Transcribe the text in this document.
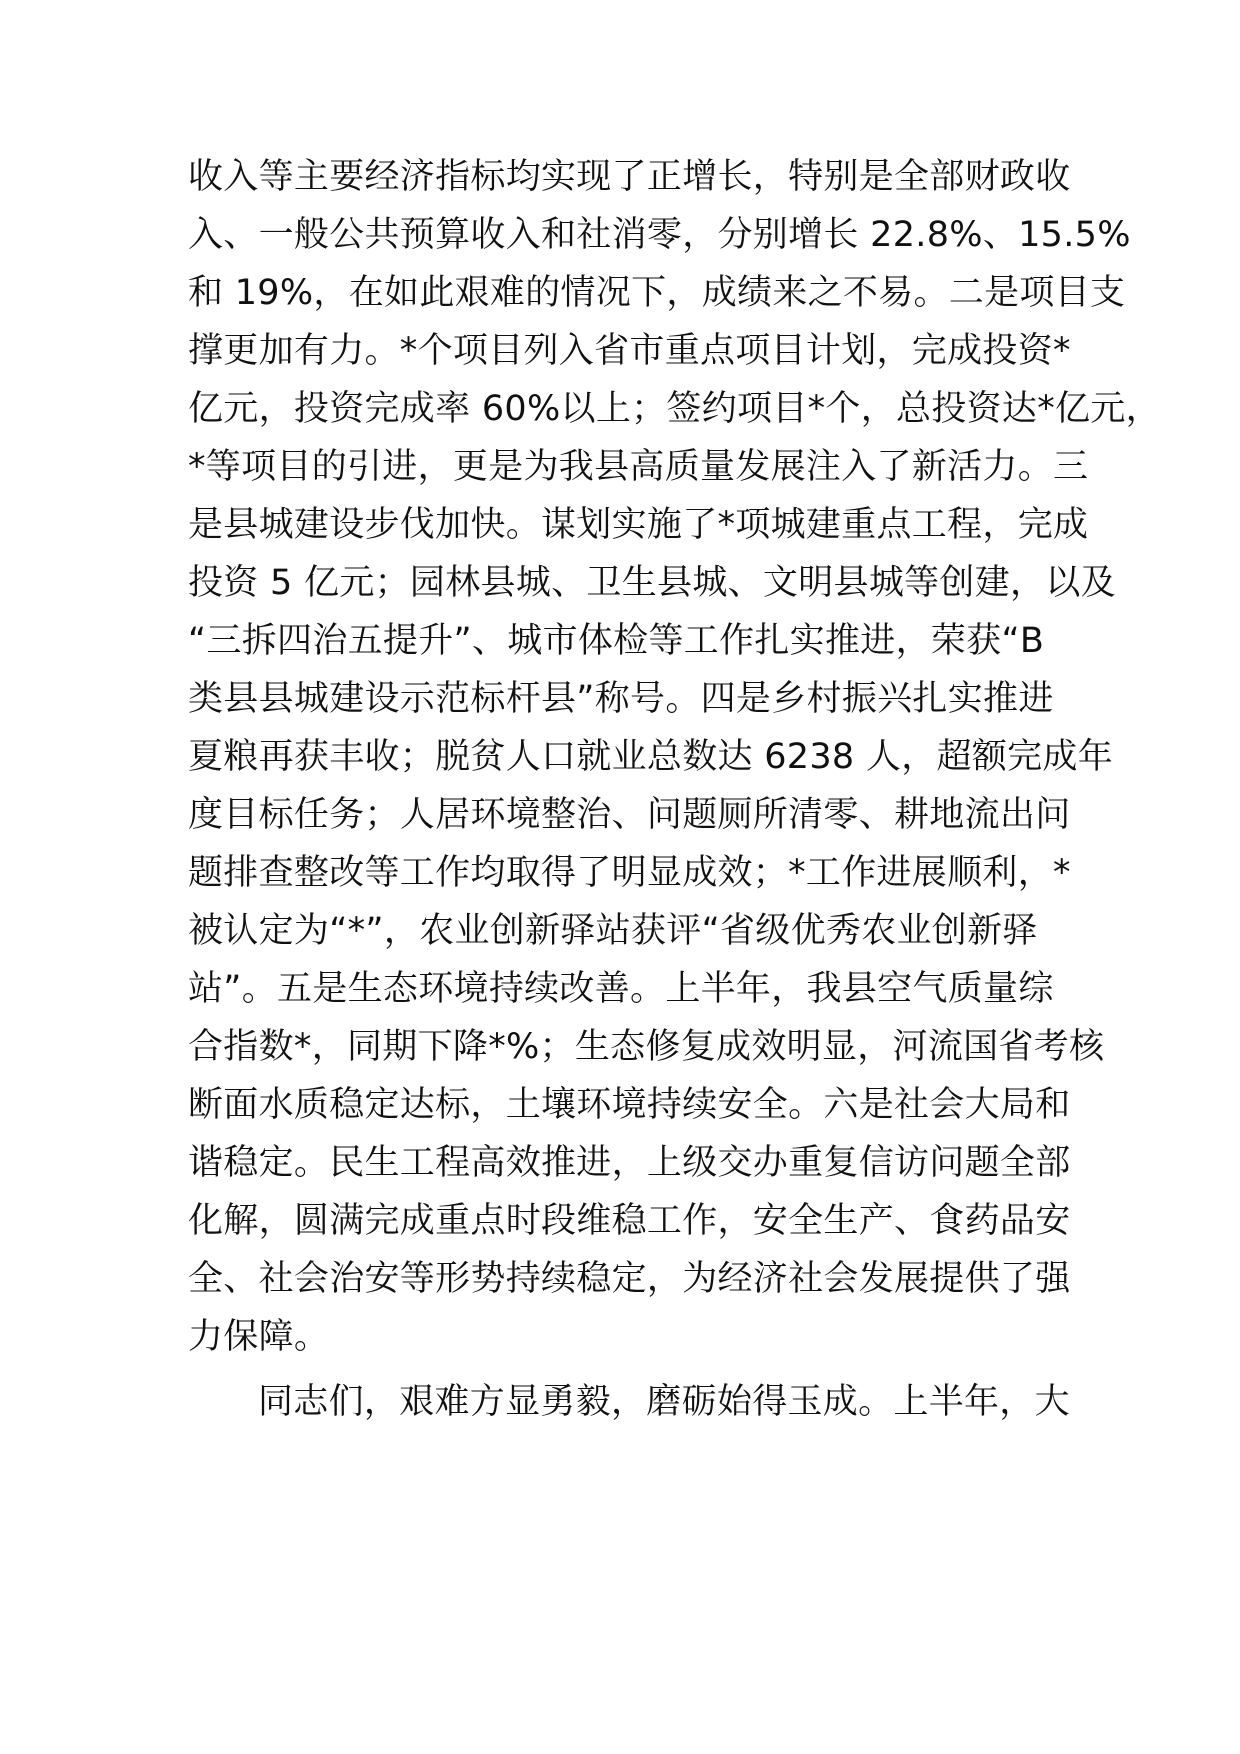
收入等主要经济指标均实现了正增长，特别是全部财政收
入、一般公共预算收入和社消零，分别增长 22.8%、15.5%
和 19%，在如此艰难的情况下，成绩来之不易。二是项目支
撑更加有力。*个项目列入省市重点项目计划，完成投资*
亿元，投资完成率 60%以上；签约项目*个，总投资达*亿元，
*等项目的引进，更是为我县高质量发展注入了新活力。三
是县城建设步伐加快。谋划实施了*项城建重点工程，完成
投资 5 亿元；园林县城、卫生县城、文明县城等创建，以及
“三拆四治五提升”、城市体检等工作扎实推进，荣获“B
类县县城建设示范标杆县”称号。四是乡村振兴扎实推进
夏粮再获丰收；脱贫人口就业总数达 6238 人，超额完成年
度目标任务；人居环境整治、问题厕所清零、耕地流出问
题排查整改等工作均取得了明显成效；*工作进展顺利，*
被认定为“*”，农业创新驿站获评“省级优秀农业创新驿
站”。五是生态环境持续改善。上半年，我县空气质量综
合指数*，同期下降*%；生态修复成效明显，河流国省考核
断面水质稳定达标，土壤环境持续安全。六是社会大局和
谐稳定。民生工程高效推进，上级交办重复信访问题全部
化解，圆满完成重点时段维稳工作，安全生产、食药品安
全、社会治安等形势持续稳定，为经济社会发展提供了强
力保障。
同志们，艰难方显勇毅，磨砺始得玉成。上半年，大
